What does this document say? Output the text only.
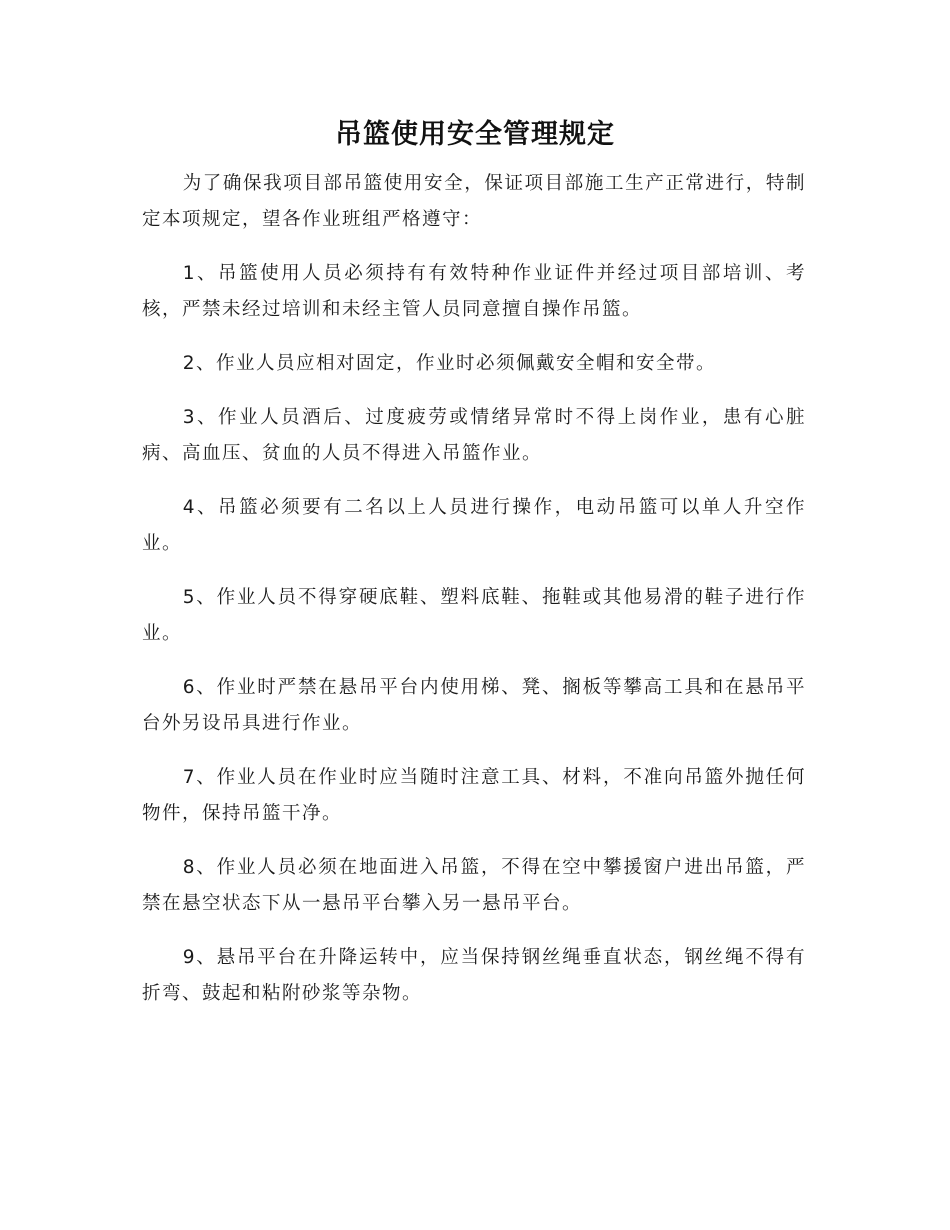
吊篮使用安全管理规定

为了确保我项目部吊篮使用安全，保证项目部施工生产正常进行，特制定本项规定，望各作业班组严格遵守：

1、吊篮使用人员必须持有有效特种作业证件并经过项目部培训、考核，严禁未经过培训和未经主管人员同意擅自操作吊篮。

2、作业人员应相对固定，作业时必须佩戴安全帽和安全带。

3、作业人员酒后、过度疲劳或情绪异常时不得上岗作业，患有心脏病、高血压、贫血的人员不得进入吊篮作业。

4、吊篮必须要有二名以上人员进行操作，电动吊篮可以单人升空作业。

5、作业人员不得穿硬底鞋、塑料底鞋、拖鞋或其他易滑的鞋子进行作业。

6、作业时严禁在悬吊平台内使用梯、凳、搁板等攀高工具和在悬吊平台外另设吊具进行作业。

7、作业人员在作业时应当随时注意工具、材料，不准向吊篮外抛任何物件，保持吊篮干净。

8、作业人员必须在地面进入吊篮，不得在空中攀援窗户进出吊篮，严禁在悬空状态下从一悬吊平台攀入另一悬吊平台。

9、悬吊平台在升降运转中，应当保持钢丝绳垂直状态，钢丝绳不得有折弯、鼓起和粘附砂浆等杂物。
